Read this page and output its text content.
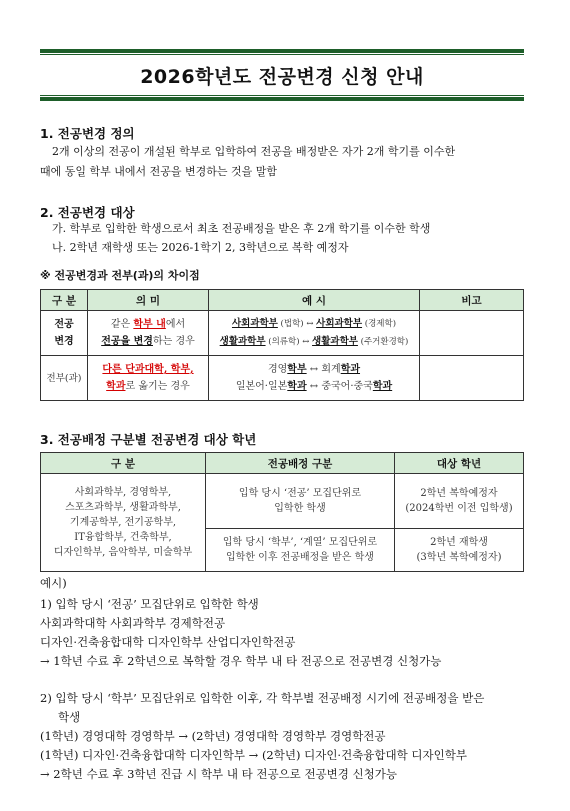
2026학년도 전공변경 신청 안내
1. 전공변경 정의
2개 이상의 전공이 개설된 학부로 입학하여 전공을 배정받은 자가 2개 학기를 이수한
때에 동일 학부 내에서 전공을 변경하는 것을 말함
2. 전공변경 대상
가. 학부로 입학한 학생으로서 최초 전공배정을 받은 후 2개 학기를 이수한 학생
나. 2학년 재학생 또는 2026-1학기 2, 3학년으로 복학 예정자
※ 전공변경과 전부(과)의 차이점
구 분	의 미	예 시	비고
전공
변경	같은 학부 내에서
전공을 변경하는 경우	사회과학부 (법학) ↔ 사회과학부 (경제학)
생활과학부 (의류학) ↔ 생활과학부 (주거환경학)	
전부(과)	다른 단과대학, 학부,
학과로 옮기는 경우	경영학부 ↔ 회계학과
일본어·일본학과 ↔ 중국어·중국학과	
3. 전공배정 구분별 전공변경 대상 학년
구 분	전공배정 구분	대상 학년
사회과학부, 경영학부,
스포츠과학부, 생활과학부,
기계공학부, 전기공학부,
IT융합학부, 건축학부,
디자인학부, 음악학부, 미술학부	입학 당시 ‘전공’ 모집단위로
입학한 학생	2학년 복학예정자
(2024학번 이전 입학생)
	입학 당시 ‘학부’, ‘계열’ 모집단위로
입학한 이후 전공배정을 받은 학생	2학년 재학생
(3학년 복학예정자)
예시)
1) 입학 당시 ‘전공’ 모집단위로 입학한 학생
사회과학대학 사회과학부 경제학전공
디자인·건축융합대학 디자인학부 산업디자인학전공
→ 1학년 수료 후 2학년으로 복학할 경우 학부 내 타 전공으로 전공변경 신청가능
2) 입학 당시 ‘학부’ 모집단위로 입학한 이후, 각 학부별 전공배정 시기에 전공배정을 받은
학생
(1학년) 경영대학 경영학부 → (2학년) 경영대학 경영학부 경영학전공
(1학년) 디자인·건축융합대학 디자인학부 → (2학년) 디자인·건축융합대학 디자인학부
→ 2학년 수료 후 3학년 진급 시 학부 내 타 전공으로 전공변경 신청가능
